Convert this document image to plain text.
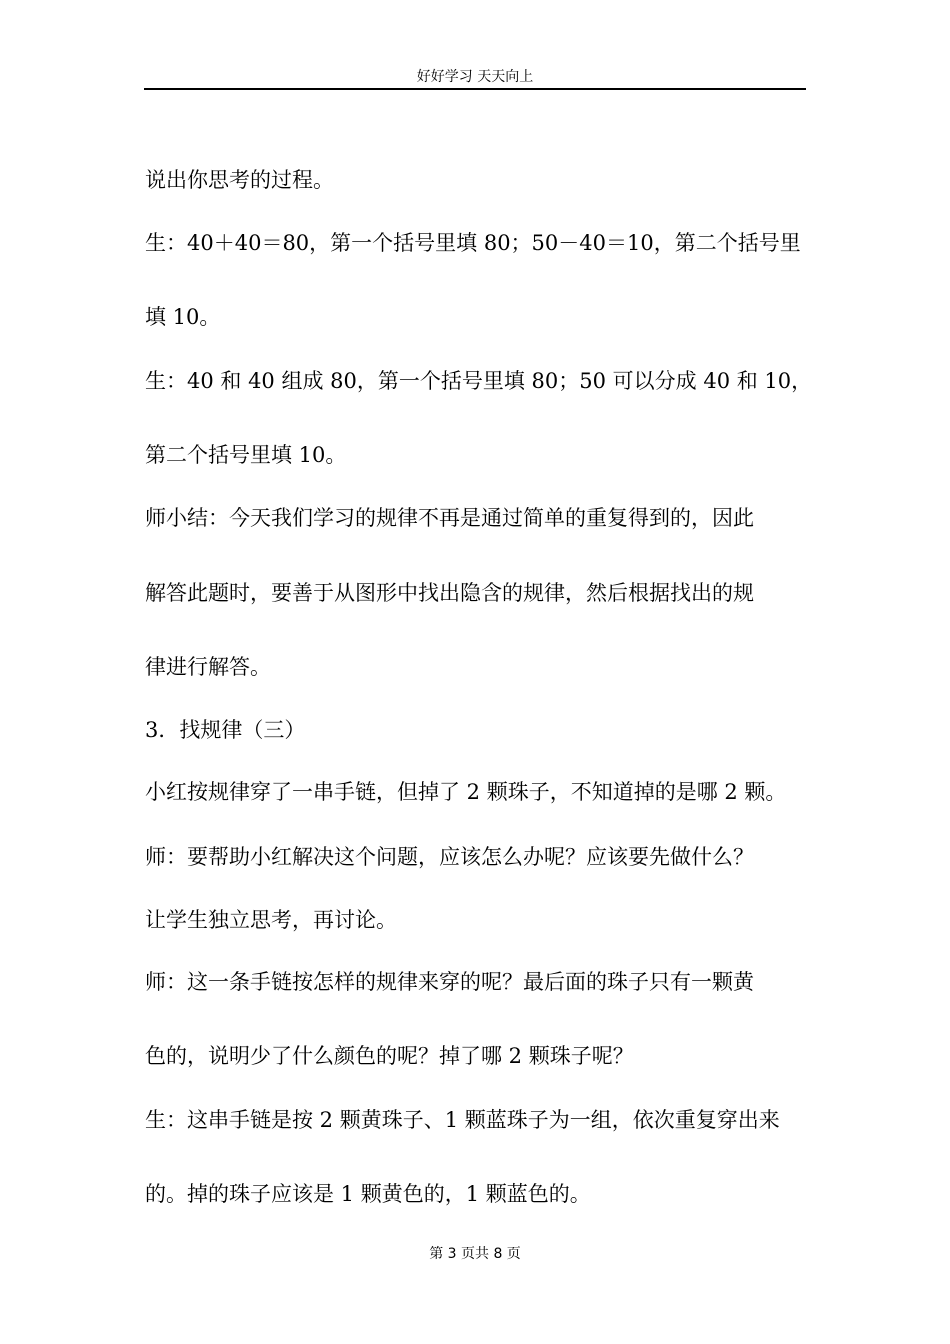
好好学习 天天向上
说出你思考的过程。
生：40＋40＝80，第一个括号里填 80；50－40＝10，第二个括号里
填 10。
生：40 和 40 组成 80，第一个括号里填 80；50 可以分成 40 和 10，
第二个括号里填 10。
师小结：今天我们学习的规律不再是通过简单的重复得到的，因此
解答此题时，要善于从图形中找出隐含的规律，然后根据找出的规
律进行解答。
3．找规律（三）
小红按规律穿了一串手链，但掉了 2 颗珠子，不知道掉的是哪 2 颗。
师：要帮助小红解决这个问题，应该怎么办呢？应该要先做什么？
让学生独立思考，再讨论。
师：这一条手链按怎样的规律来穿的呢？最后面的珠子只有一颗黄
色的，说明少了什么颜色的呢？掉了哪 2 颗珠子呢？
生：这串手链是按 2 颗黄珠子、1 颗蓝珠子为一组，依次重复穿出来
的。掉的珠子应该是 1 颗黄色的，1 颗蓝色的。
第 3 页共 8 页
